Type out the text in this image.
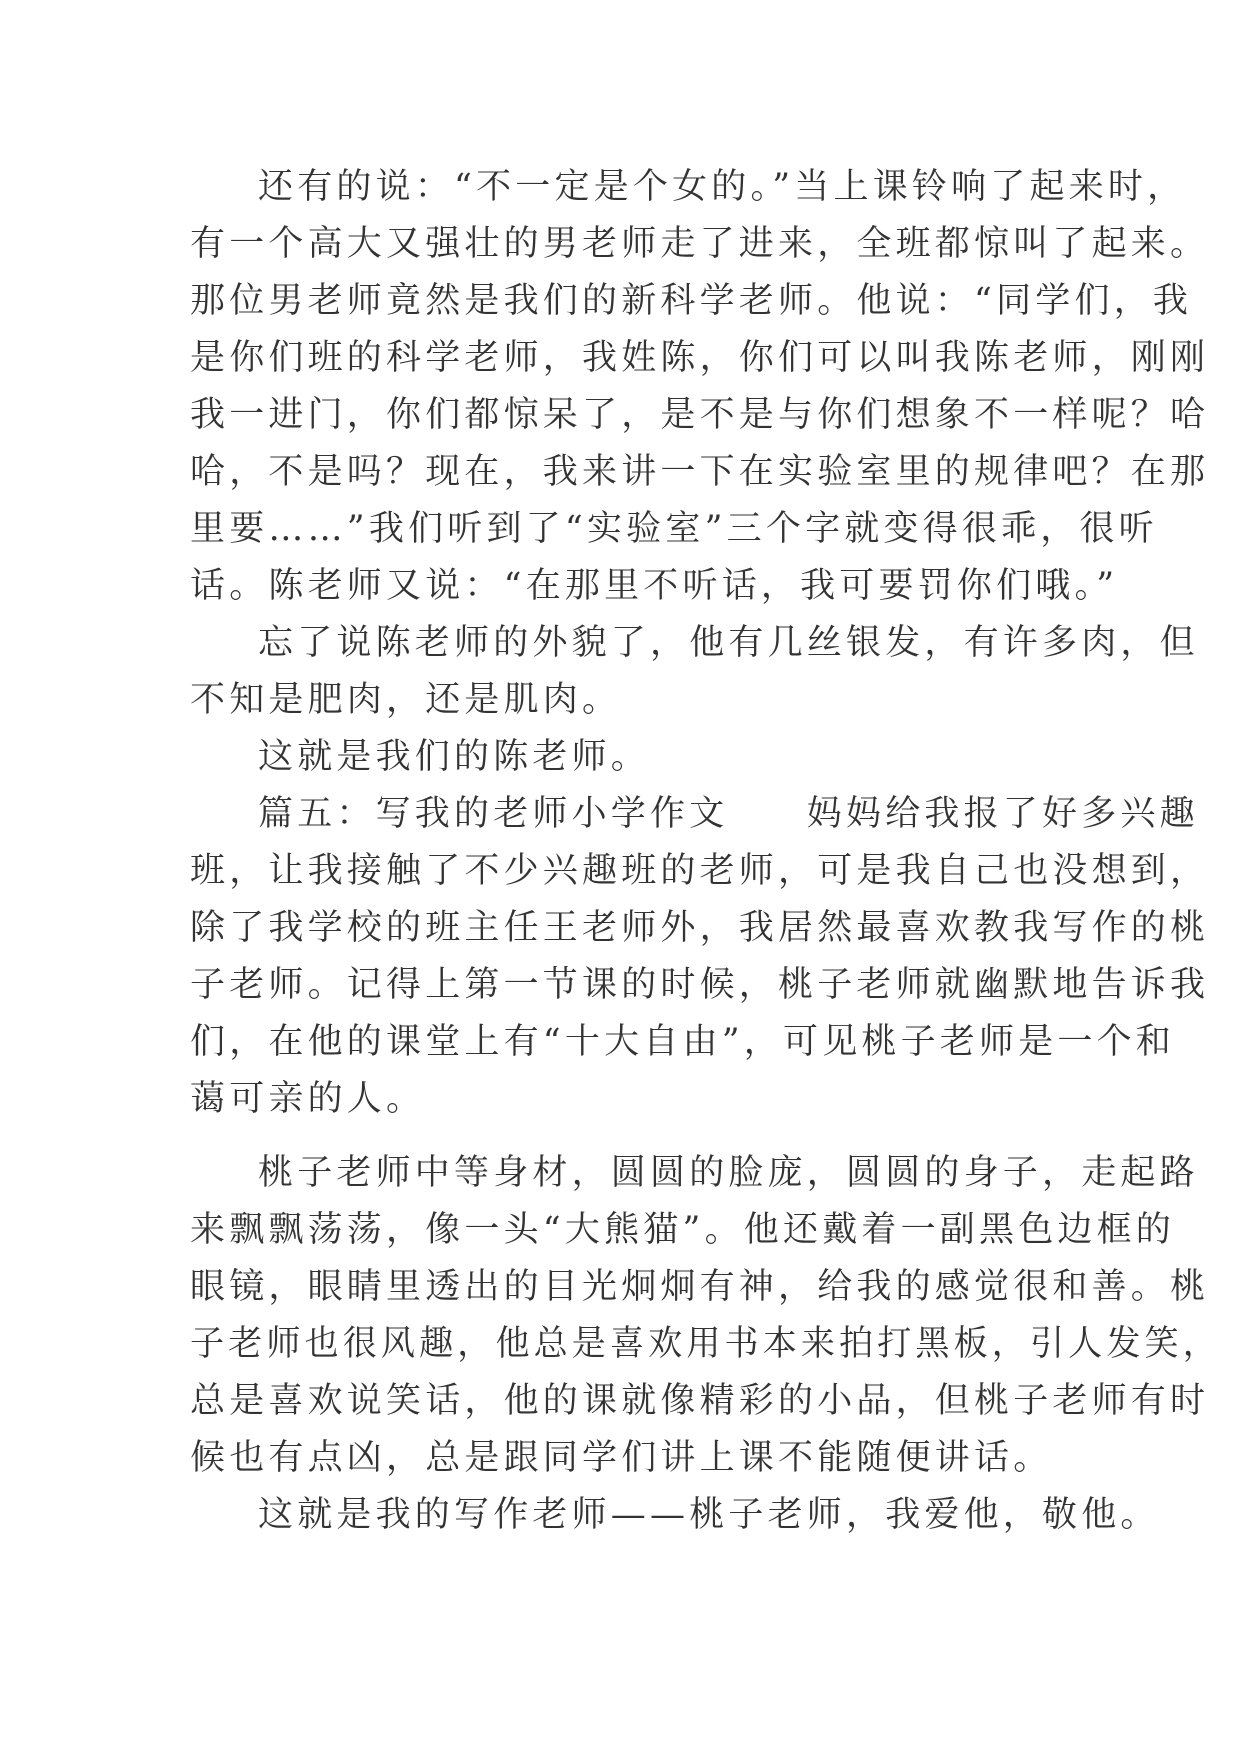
还有的说：“不一定是个女的。”当上课铃响了起来时，
有一个高大又强壮的男老师走了进来，全班都惊叫了起来。
那位男老师竟然是我们的新科学老师。他说：“同学们，我
是你们班的科学老师，我姓陈，你们可以叫我陈老师，刚刚
我一进门，你们都惊呆了，是不是与你们想象不一样呢？哈
哈，不是吗？现在，我来讲一下在实验室里的规律吧？在那
里要……”我们听到了“实验室”三个字就变得很乖，很听
话。陈老师又说：“在那里不听话，我可要罚你们哦。”
忘了说陈老师的外貌了，他有几丝银发，有许多肉，但
不知是肥肉，还是肌肉。
这就是我们的陈老师。
篇五：写我的老师小学作文　　妈妈给我报了好多兴趣
班，让我接触了不少兴趣班的老师，可是我自己也没想到，
除了我学校的班主任王老师外，我居然最喜欢教我写作的桃
子老师。记得上第一节课的时候，桃子老师就幽默地告诉我
们，在他的课堂上有“十大自由”，可见桃子老师是一个和
蔼可亲的人。
桃子老师中等身材，圆圆的脸庞，圆圆的身子，走起路
来飘飘荡荡，像一头“大熊猫”。他还戴着一副黑色边框的
眼镜，眼睛里透出的目光炯炯有神，给我的感觉很和善。桃
子老师也很风趣，他总是喜欢用书本来拍打黑板，引人发笑，
总是喜欢说笑话，他的课就像精彩的小品，但桃子老师有时
候也有点凶，总是跟同学们讲上课不能随便讲话。
这就是我的写作老师——桃子老师，我爱他，敬他。
